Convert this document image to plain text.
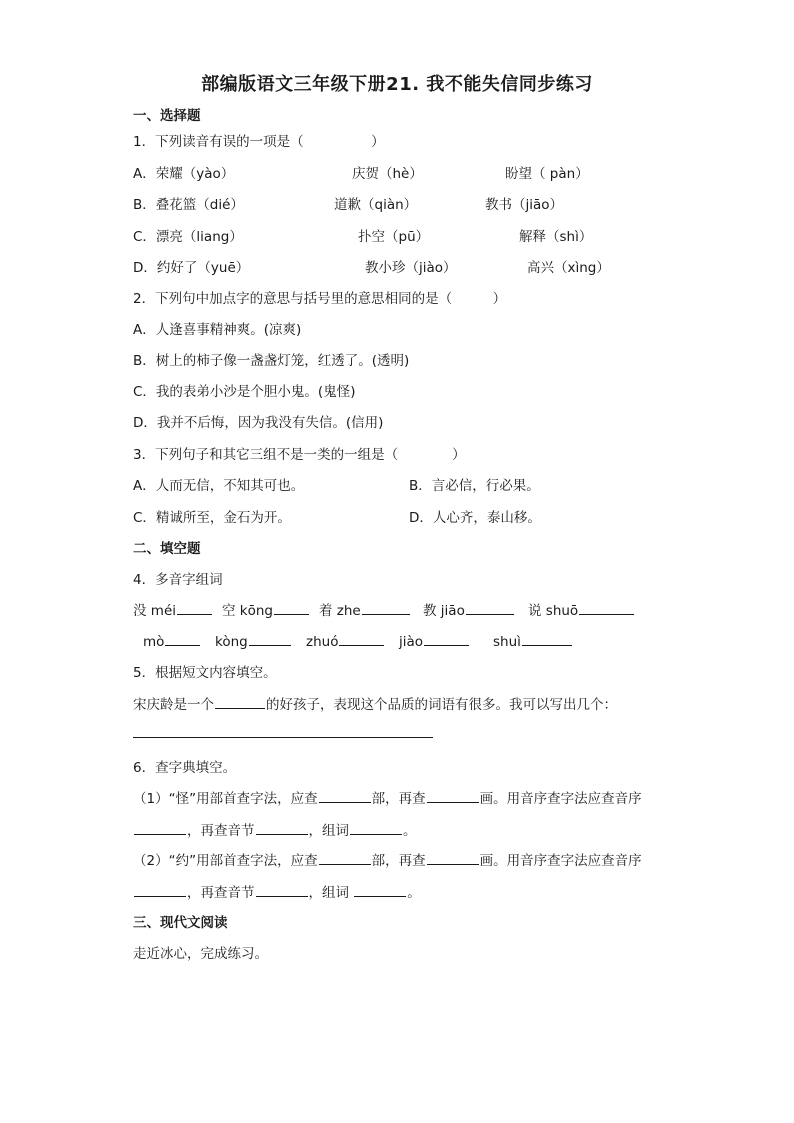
部编版语文三年级下册21. 我不能失信同步练习
一、选择题
1．下列读音有误的一项是（　　　　　）
A．荣耀（yào）	庆贺（hè）	盼望（ pàn）
B．叠花篮（dié）	道歉（qiàn）	教书（jiāo）
C．漂亮（liang）	扑空（pū）	解释（shì）
D．约好了（yuē）	教小珍（jiào）	高兴（xìng）
2．下列句中加点字的意思与括号里的意思相同的是（　　　）
A．人逢喜事精神爽。(凉爽)
B．树上的柿子像一盏盏灯笼，红透了。(透明)
C．我的表弟小沙是个胆小鬼。(鬼怪)
D．我并不后悔，因为我没有失信。(信用)
3．下列句子和其它三组不是一类的一组是（　　　　）
A．人而无信，不知其可也。	B．言必信，行必果。
C．精诚所至，金石为开。	D．人心齐，泰山移。
二、填空题
4．多音字组词
没 méi	空 kōng	着 zhe	教 jiāo	说 shuō
mò	kòng	zhuó	jiào	shuì
5．根据短文内容填空。
宋庆龄是一个	的好孩子，表现这个品质的词语有很多。我可以写出几个：
6．查字典填空。
（1）“怪”用部首查字法，应查	部，再查	画。用音序查字法应查音序
，再查音节	，组词	。
（2）“约”用部首查字法，应查	部，再查	画。用音序查字法应查音序
，再查音节	，组词	。
三、现代文阅读
走近冰心，完成练习。
